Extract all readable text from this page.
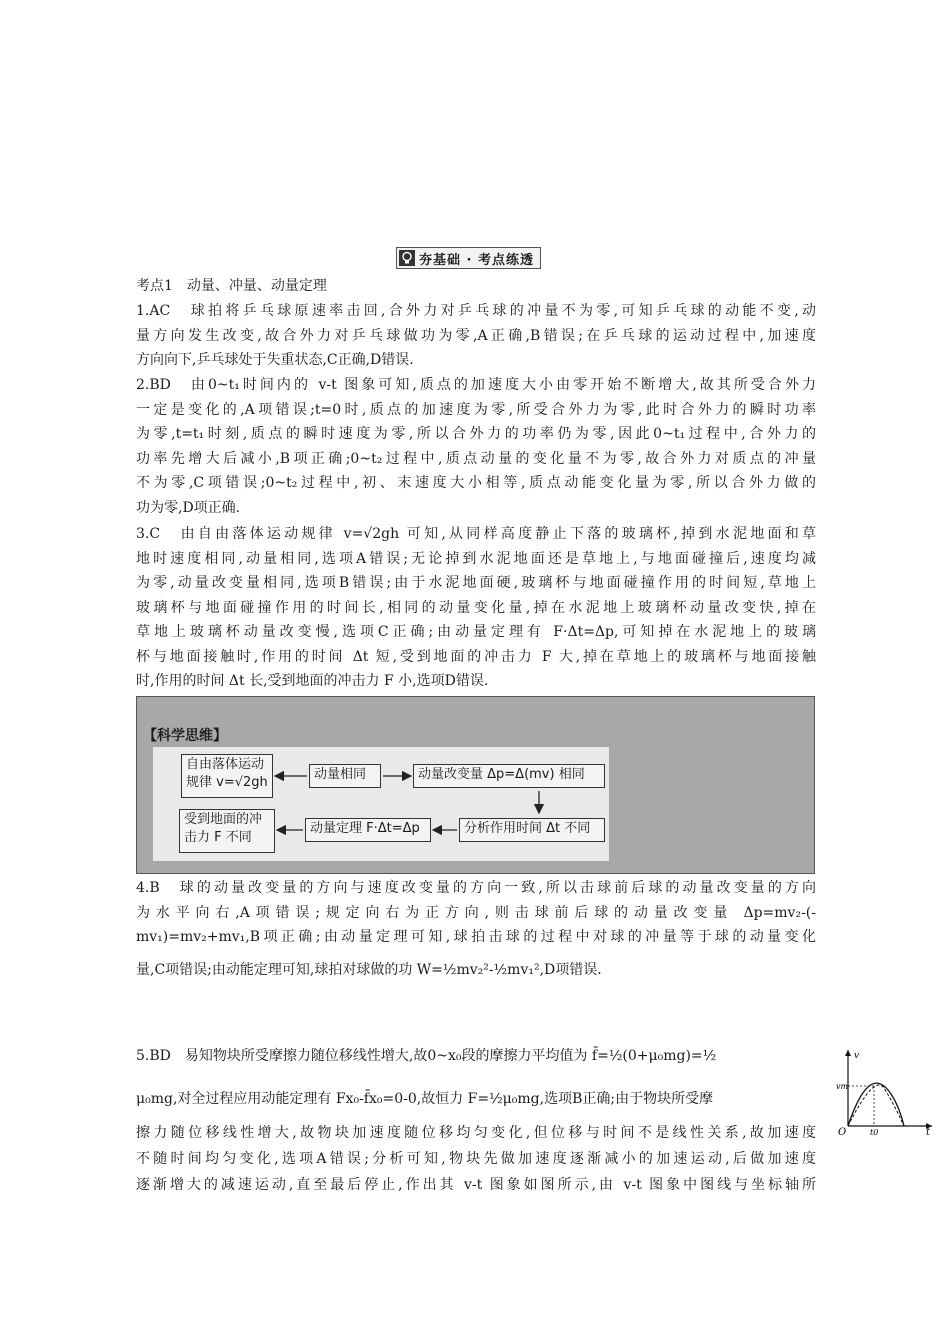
夯基础 · 考点练透

考点1　动量、冲量、动量定理

1.AC　球拍将乒乓球原速率击回,合外力对乒乓球的冲量不为零,可知乒乓球的动能不变,动
量方向发生改变,故合外力对乒乓球做功为零,A正确,B错误;在乒乓球的运动过程中,加速度
方向向下,乒乓球处于失重状态,C正确,D错误.

2.BD　由0~t₁时间内的 v-t 图象可知,质点的加速度大小由零开始不断增大,故其所受合外力
一定是变化的,A项错误;t=0时,质点的加速度为零,所受合外力为零,此时合外力的瞬时功率
为零,t=t₁时刻,质点的瞬时速度为零,所以合外力的功率仍为零,因此0~t₁过程中,合外力的
功率先增大后减小,B项正确;0~t₂过程中,质点动量的变化量不为零,故合外力对质点的冲量
不为零,C项错误;0~t₂过程中,初、末速度大小相等,质点动能变化量为零,所以合外力做的
功为零,D项正确.

3.C　由自由落体运动规律 v=√2gh 可知,从同样高度静止下落的玻璃杯,掉到水泥地面和草
地时速度相同,动量相同,选项A错误;无论掉到水泥地面还是草地上,与地面碰撞后,速度均减
为零,动量改变量相同,选项B错误;由于水泥地面硬,玻璃杯与地面碰撞作用的时间短,草地上
玻璃杯与地面碰撞作用的时间长,相同的动量变化量,掉在水泥地上玻璃杯动量改变快,掉在
草地上玻璃杯动量改变慢,选项C正确;由动量定理有 F·Δt=Δp,可知掉在水泥地上的玻璃
杯与地面接触时,作用的时间 Δt 短,受到地面的冲击力 F 大,掉在草地上的玻璃杯与地面接触
时,作用的时间 Δt 长,受到地面的冲击力 F 小,选项D错误.

【科学思维】
自由落体运动
规律 v=√2gh
动量相同	动量改变量 Δp=Δ(mv) 相同
分析作用时间 Δt 不同
动量定理 F·Δt=Δp
受到地面的冲
击力 F 不同

4.B　球的动量改变量的方向与速度改变量的方向一致,所以击球前后球的动量改变量的方向
为水平向右,A项错误;规定向右为正方向,则击球前后球的动量改变量 Δp=mv₂-(-
mv₁)=mv₂+mv₁,B项正确;由动量定理可知,球拍击球的过程中对球的冲量等于球的动量变化
量,C项错误;由动能定理可知,球拍对球做的功 W=½mv₂²-½mv₁²,D项错误.

5.BD　易知物块所受摩擦力随位移线性增大,故0~x₀段的摩擦力平均值为 f̄=½(0+μ₀mg)=½
μ₀mg,对全过程应用动能定理有 Fx₀-f̄x₀=0-0,故恒力 F=½μ₀mg,选项B正确;由于物块所受摩
擦力随位移线性增大,故物块加速度随位移均匀变化,但位移与时间不是线性关系,故加速度
不随时间均匀变化,选项A错误;分析可知,物块先做加速度逐渐减小的加速运动,后做加速度
逐渐增大的减速运动,直至最后停止,作出其 v-t 图象如图所示,由 v-t 图象中图线与坐标轴所

v
vm
O	t0	t
